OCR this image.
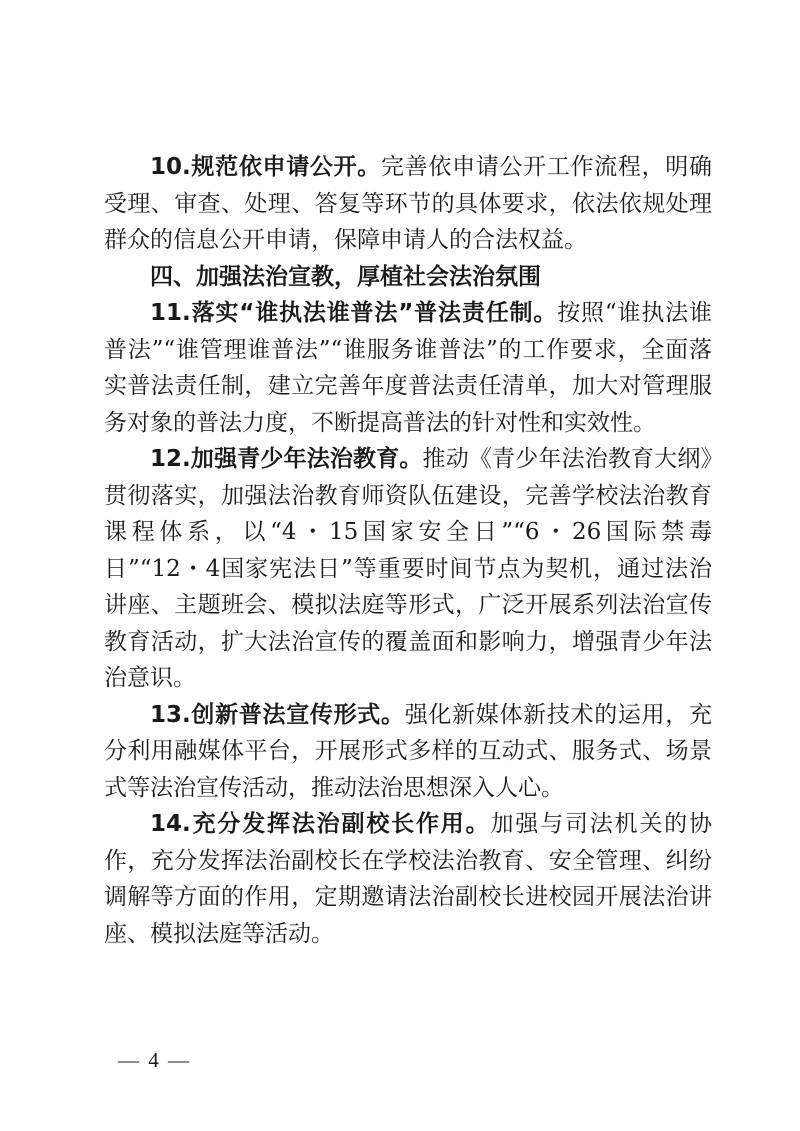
10.规范依申请公开。完善依申请公开工作流程，明确受理、审查、处理、答复等环节的具体要求，依法依规处理群众的信息公开申请，保障申请人的合法权益。

四、加强法治宣教，厚植社会法治氛围

11.落实“谁执法谁普法”普法责任制。按照“谁执法谁普法”“谁管理谁普法”“谁服务谁普法”的工作要求，全面落实普法责任制，建立完善年度普法责任清单，加大对管理服务对象的普法力度，不断提高普法的针对性和实效性。

12.加强青少年法治教育。推动《青少年法治教育大纲》贯彻落实，加强法治教育师资队伍建设，完善学校法治教育课程体系，以“4・15国家安全日”“6・26国际禁毒日”“12・4国家宪法日”等重要时间节点为契机，通过法治讲座、主题班会、模拟法庭等形式，广泛开展系列法治宣传教育活动，扩大法治宣传的覆盖面和影响力，增强青少年法治意识。

13.创新普法宣传形式。强化新媒体新技术的运用，充分利用融媒体平台，开展形式多样的互动式、服务式、场景式等法治宣传活动，推动法治思想深入人心。

14.充分发挥法治副校长作用。加强与司法机关的协作，充分发挥法治副校长在学校法治教育、安全管理、纠纷调解等方面的作用，定期邀请法治副校长进校园开展法治讲座、模拟法庭等活动。

— 4 —
